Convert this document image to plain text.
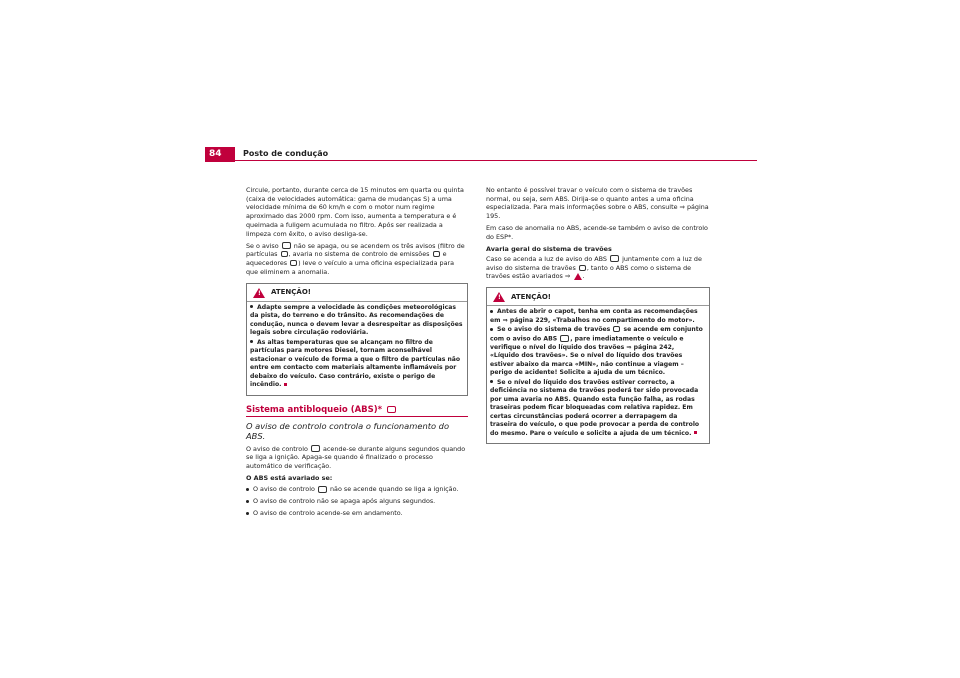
84	Posto de condução

Circule, portanto, durante cerca de 15 minutos em quarta ou quinta (caixa de velocidades automática: gama de mudanças S) a uma velocidade mínima de 60 km/h e com o motor num regime aproximado das 2000 rpm. Com isso, aumenta a temperatura e é queimada a fuligem acumulada no filtro. Após ser realizada a limpeza com êxito, o aviso desliga-se.

Se o aviso não se apaga, ou se acendem os três avisos (filtro de partículas , avaria no sistema de controlo de emissões e aquecedores ) leve o veículo a uma oficina especializada para que eliminem a anomalia.

! ATENÇÃO!

Adapte sempre a velocidade às condições meteorológicas da pista, do terreno e do trânsito. As recomendações de condução, nunca o devem levar a desrespeitar as disposições legais sobre circulação rodoviária.

As altas temperaturas que se alcançam no filtro de partículas para motores Diesel, tornam aconselhável estacionar o veículo de forma a que o filtro de partículas não entre em contacto com materiais altamente inflamáveis por debaixo do veículo. Caso contrário, existe o perigo de incêndio.

Sistema antibloqueio (ABS)*

O aviso de controlo controla o funcionamento do ABS.

O aviso de controlo acende-se durante alguns segundos quando se liga a ignição. Apaga-se quando é finalizado o processo automático de verificação.

O ABS está avariado se:

O aviso de controlo não se acende quando se liga a ignição.

O aviso de controlo não se apaga após alguns segundos.

O aviso de controlo acende-se em andamento.

No entanto é possível travar o veículo com o sistema de travões normal, ou seja, sem ABS. Dirija-se o quanto antes a uma oficina especializada. Para mais informações sobre o ABS, consulte ⇒ página 195.

Em caso de anomalia no ABS, acende-se também o aviso de controlo do ESP*.

Avaria geral do sistema de travões

Caso se acenda a luz de aviso do ABS juntamente com a luz de aviso do sistema de travões , tanto o ABS como o sistema de travões estão avariados ⇒ .

! ATENÇÃO!

Antes de abrir o capot, tenha em conta as recomendações em ⇒ página 229, «Trabalhos no compartimento do motor».

Se o aviso do sistema de travões se acende em conjunto com o aviso do ABS , pare imediatamente o veículo e verifique o nível do líquido dos travões ⇒ página 242, «Líquido dos travões». Se o nível do líquido dos travões estiver abaixo da marca «MIN», não continue a viagem – perigo de acidente! Solicite a ajuda de um técnico.

Se o nível do líquido dos travões estiver correcto, a deficiência no sistema de travões poderá ter sido provocada por uma avaria no ABS. Quando esta função falha, as rodas traseiras podem ficar bloqueadas com relativa rapidez. Em certas circunstâncias poderá ocorrer a derrapagem da traseira do veículo, o que pode provocar a perda de controlo do mesmo. Pare o veículo e solicite a ajuda de um técnico.
